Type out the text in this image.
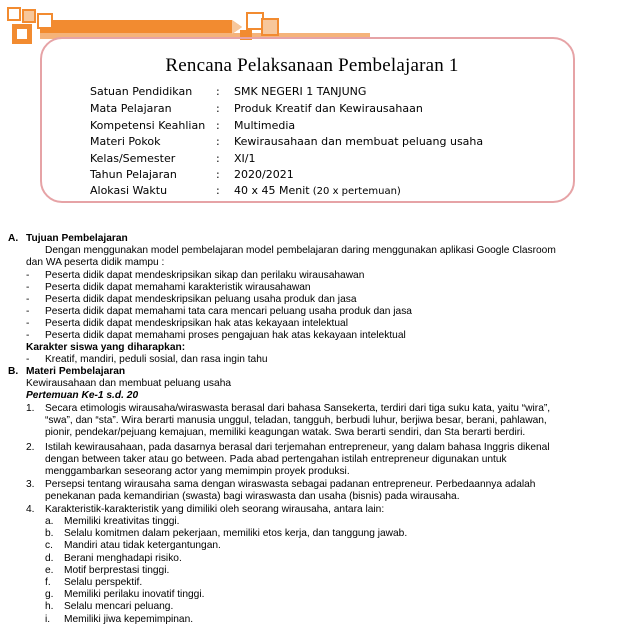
Rencana Pelaksanaan Pembelajaran 1
Satuan Pendidikan : SMK NEGERI 1 TANJUNG
Mata Pelajaran	: Produk Kreatif dan Kewirausahaan
Kompetensi Keahlian : Multimedia
Materi Pokok	: Kewirausahaan dan membuat peluang usaha
Kelas/Semester	: XI/1
Tahun Pelajaran	: 2020/2021
Alokasi Waktu	: 40 x 45 Menit (20 x pertemuan)
A. Tujuan Pembelajaran
Dengan menggunakan model pembelajaran model pembelajaran daring menggunakan aplikasi Google Clasroom
dan WA peserta didik mampu :
- Peserta didik dapat mendeskripsikan sikap dan perilaku wirausahawan
- Peserta didik dapat memahami karakteristik wirausahawan
- Peserta didik dapat mendeskripsikan peluang usaha produk dan jasa
- Peserta didik dapat memahami tata cara mencari peluang usaha produk dan jasa
- Peserta didik dapat mendeskripsikan hak atas kekayaan intelektual
- Peserta didik dapat memahami proses pengajuan hak atas kekayaan intelektual
Karakter siswa yang diharapkan:
- Kreatif, mandiri, peduli sosial, dan rasa ingin tahu
B. Materi Pembelajaran
Kewirausahaan dan membuat peluang usaha
Pertemuan Ke-1 s.d. 20
1. Secara etimologis wirausaha/wiraswasta berasal dari bahasa Sansekerta, terdiri dari tiga suku kata, yaitu “wira”,
“swa”, dan “sta”. Wira berarti manusia unggul, teladan, tangguh, berbudi luhur, berjiwa besar, berani, pahlawan,
pionir, pendekar/pejuang kemajuan, memiliki keagungan watak. Swa berarti sendiri, dan Sta berarti berdiri.
2. Istilah kewirausahaan, pada dasarnya berasal dari terjemahan entrepreneur, yang dalam bahasa Inggris dikenal
dengan between taker atau go between. Pada abad pertengahan istilah entrepreneur digunakan untuk
menggambarkan seseorang actor yang memimpin proyek produksi.
3. Persepsi tentang wirausaha sama dengan wiraswasta sebagai padanan entrepreneur. Perbedaannya adalah
penekanan pada kemandirian (swasta) bagi wiraswasta dan usaha (bisnis) pada wirausaha.
4. Karakteristik-karakteristik yang dimiliki oleh seorang wirausaha, antara lain:
a. Memiliki kreativitas tinggi.
b. Selalu komitmen dalam pekerjaan, memiliki etos kerja, dan tanggung jawab.
c. Mandiri atau tidak ketergantungan.
d. Berani menghadapi risiko.
e. Motif berprestasi tinggi.
f. Selalu perspektif.
g. Memiliki perilaku inovatif tinggi.
h. Selalu mencari peluang.
i. Memiliki jiwa kepemimpinan.
